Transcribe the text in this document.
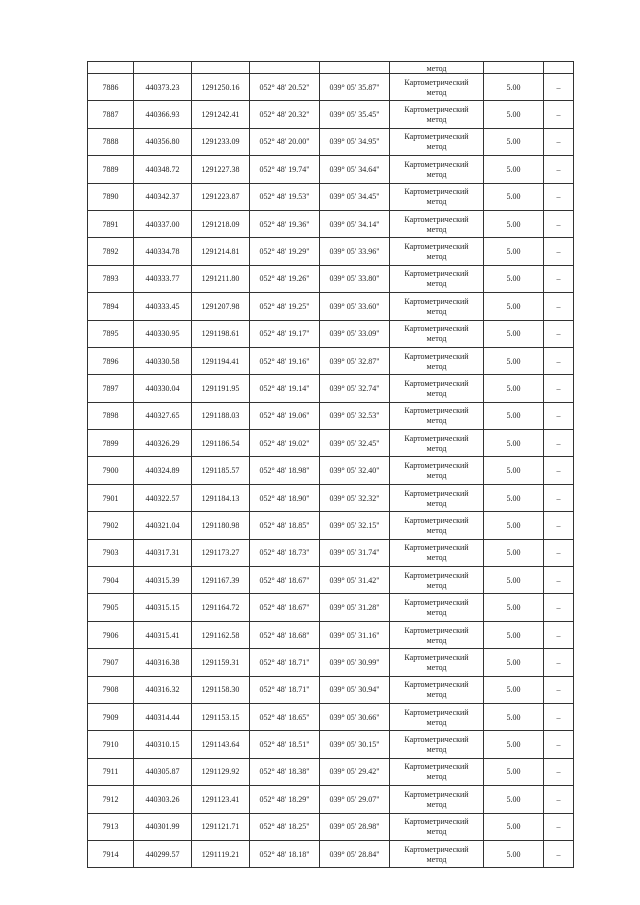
					метод		
7886	440373.23	1291250.16	052° 48' 20.52"	039° 05' 35.87"	Картометрический
метод	5.00	–
7887	440366.93	1291242.41	052° 48' 20.32"	039° 05' 35.45"	Картометрический
метод	5.00	–
7888	440356.80	1291233.09	052° 48' 20.00"	039° 05' 34.95"	Картометрический
метод	5.00	–
7889	440348.72	1291227.38	052° 48' 19.74"	039° 05' 34.64"	Картометрический
метод	5.00	–
7890	440342.37	1291223.87	052° 48' 19.53"	039° 05' 34.45"	Картометрический
метод	5.00	–
7891	440337.00	1291218.09	052° 48' 19.36"	039° 05' 34.14"	Картометрический
метод	5.00	–
7892	440334.78	1291214.81	052° 48' 19.29"	039° 05' 33.96"	Картометрический
метод	5.00	–
7893	440333.77	1291211.80	052° 48' 19.26"	039° 05' 33.80"	Картометрический
метод	5.00	–
7894	440333.45	1291207.98	052° 48' 19.25"	039° 05' 33.60"	Картометрический
метод	5.00	–
7895	440330.95	1291198.61	052° 48' 19.17"	039° 05' 33.09"	Картометрический
метод	5.00	–
7896	440330.58	1291194.41	052° 48' 19.16"	039° 05' 32.87"	Картометрический
метод	5.00	–
7897	440330.04	1291191.95	052° 48' 19.14"	039° 05' 32.74"	Картометрический
метод	5.00	–
7898	440327.65	1291188.03	052° 48' 19.06"	039° 05' 32.53"	Картометрический
метод	5.00	–
7899	440326.29	1291186.54	052° 48' 19.02"	039° 05' 32.45"	Картометрический
метод	5.00	–
7900	440324.89	1291185.57	052° 48' 18.98"	039° 05' 32.40"	Картометрический
метод	5.00	–
7901	440322.57	1291184.13	052° 48' 18.90"	039° 05' 32.32"	Картометрический
метод	5.00	–
7902	440321.04	1291180.98	052° 48' 18.85"	039° 05' 32.15"	Картометрический
метод	5.00	–
7903	440317.31	1291173.27	052° 48' 18.73"	039° 05' 31.74"	Картометрический
метод	5.00	–
7904	440315.39	1291167.39	052° 48' 18.67"	039° 05' 31.42"	Картометрический
метод	5.00	–
7905	440315.15	1291164.72	052° 48' 18.67"	039° 05' 31.28"	Картометрический
метод	5.00	–
7906	440315.41	1291162.58	052° 48' 18.68"	039° 05' 31.16"	Картометрический
метод	5.00	–
7907	440316.38	1291159.31	052° 48' 18.71"	039° 05' 30.99"	Картометрический
метод	5.00	–
7908	440316.32	1291158.30	052° 48' 18.71"	039° 05' 30.94"	Картометрический
метод	5.00	–
7909	440314.44	1291153.15	052° 48' 18.65"	039° 05' 30.66"	Картометрический
метод	5.00	–
7910	440310.15	1291143.64	052° 48' 18.51"	039° 05' 30.15"	Картометрический
метод	5.00	–
7911	440305.87	1291129.92	052° 48' 18.38"	039° 05' 29.42"	Картометрический
метод	5.00	–
7912	440303.26	1291123.41	052° 48' 18.29"	039° 05' 29.07"	Картометрический
метод	5.00	–
7913	440301.99	1291121.71	052° 48' 18.25"	039° 05' 28.98"	Картометрический
метод	5.00	–
7914	440299.57	1291119.21	052° 48' 18.18"	039° 05' 28.84"	Картометрический
метод	5.00	–
